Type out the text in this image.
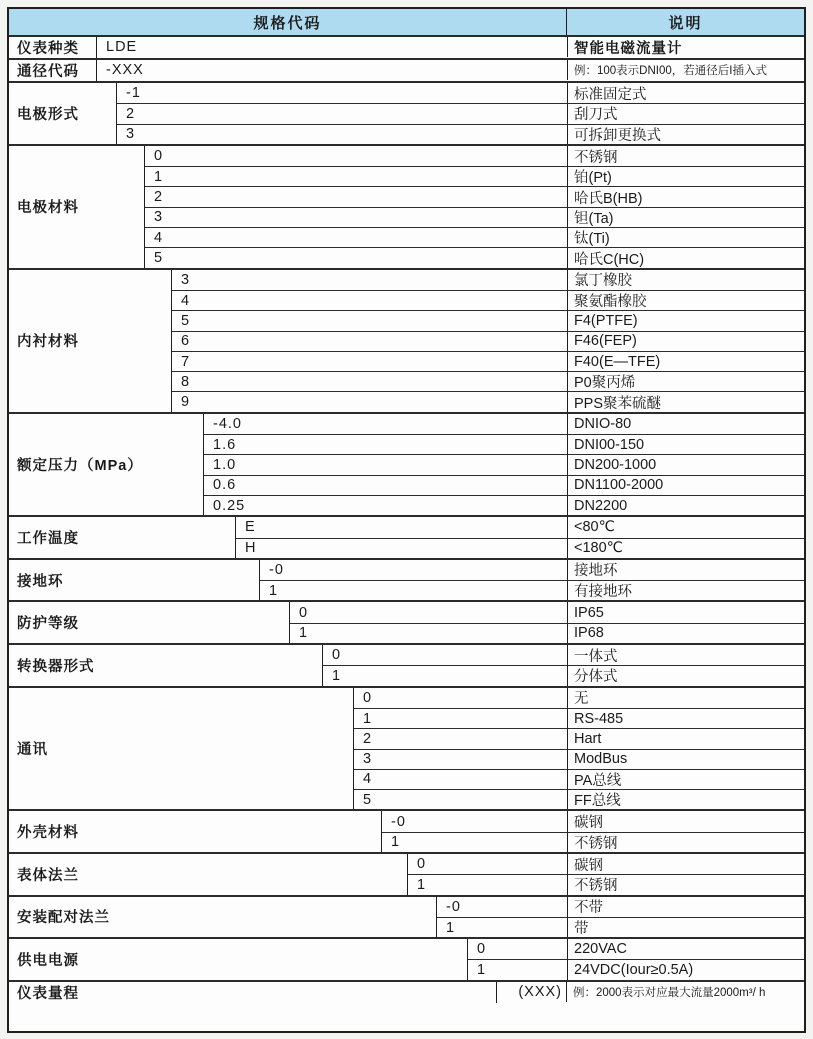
规格代码	说明
仪表种类	LDE	智能电磁流量计
通径代码	-XXX	例：100表示DNI00，若通径后I插入式
电极形式
-1	标准固定式
2	刮刀式
3	可拆卸更换式
电极材料
0	不锈钢
1	铂(Pt)
2	哈氏B(HB)
3	钽(Ta)
4	钛(Ti)
5	哈氏C(HC)
内衬材料
3	氯丁橡胶
4	聚氨酯橡胶
5	F4(PTFE)
6	F46(FEP)
7	F40(E—TFE)
8	P0聚丙烯
9	PPS聚苯硫醚
额定压力（MPa）
-4.0	DNIO-80
1.6	DNI00-150
1.0	DN200-1000
0.6	DN1100-2000
0.25	DN2200
工作温度
E	<80℃
H	<180℃
接地环
-0	接地环
1	有接地环
防护等级
0	IP65
1	IP68
转换器形式
0	一体式
1	分体式
通讯
0	无
1	RS-485
2	Hart
3	ModBus
4	PA总线
5	FF总线
外壳材料
-0	碳钢
1	不锈钢
表体法兰
0	碳钢
1	不锈钢
安装配对法兰
-0	不带
1	带
供电电源
0	220VAC
1	24VDC(Iour≥0.5A)
仪表量程	(XXX) 例：2000表示对应最大流量2000m³/ h
